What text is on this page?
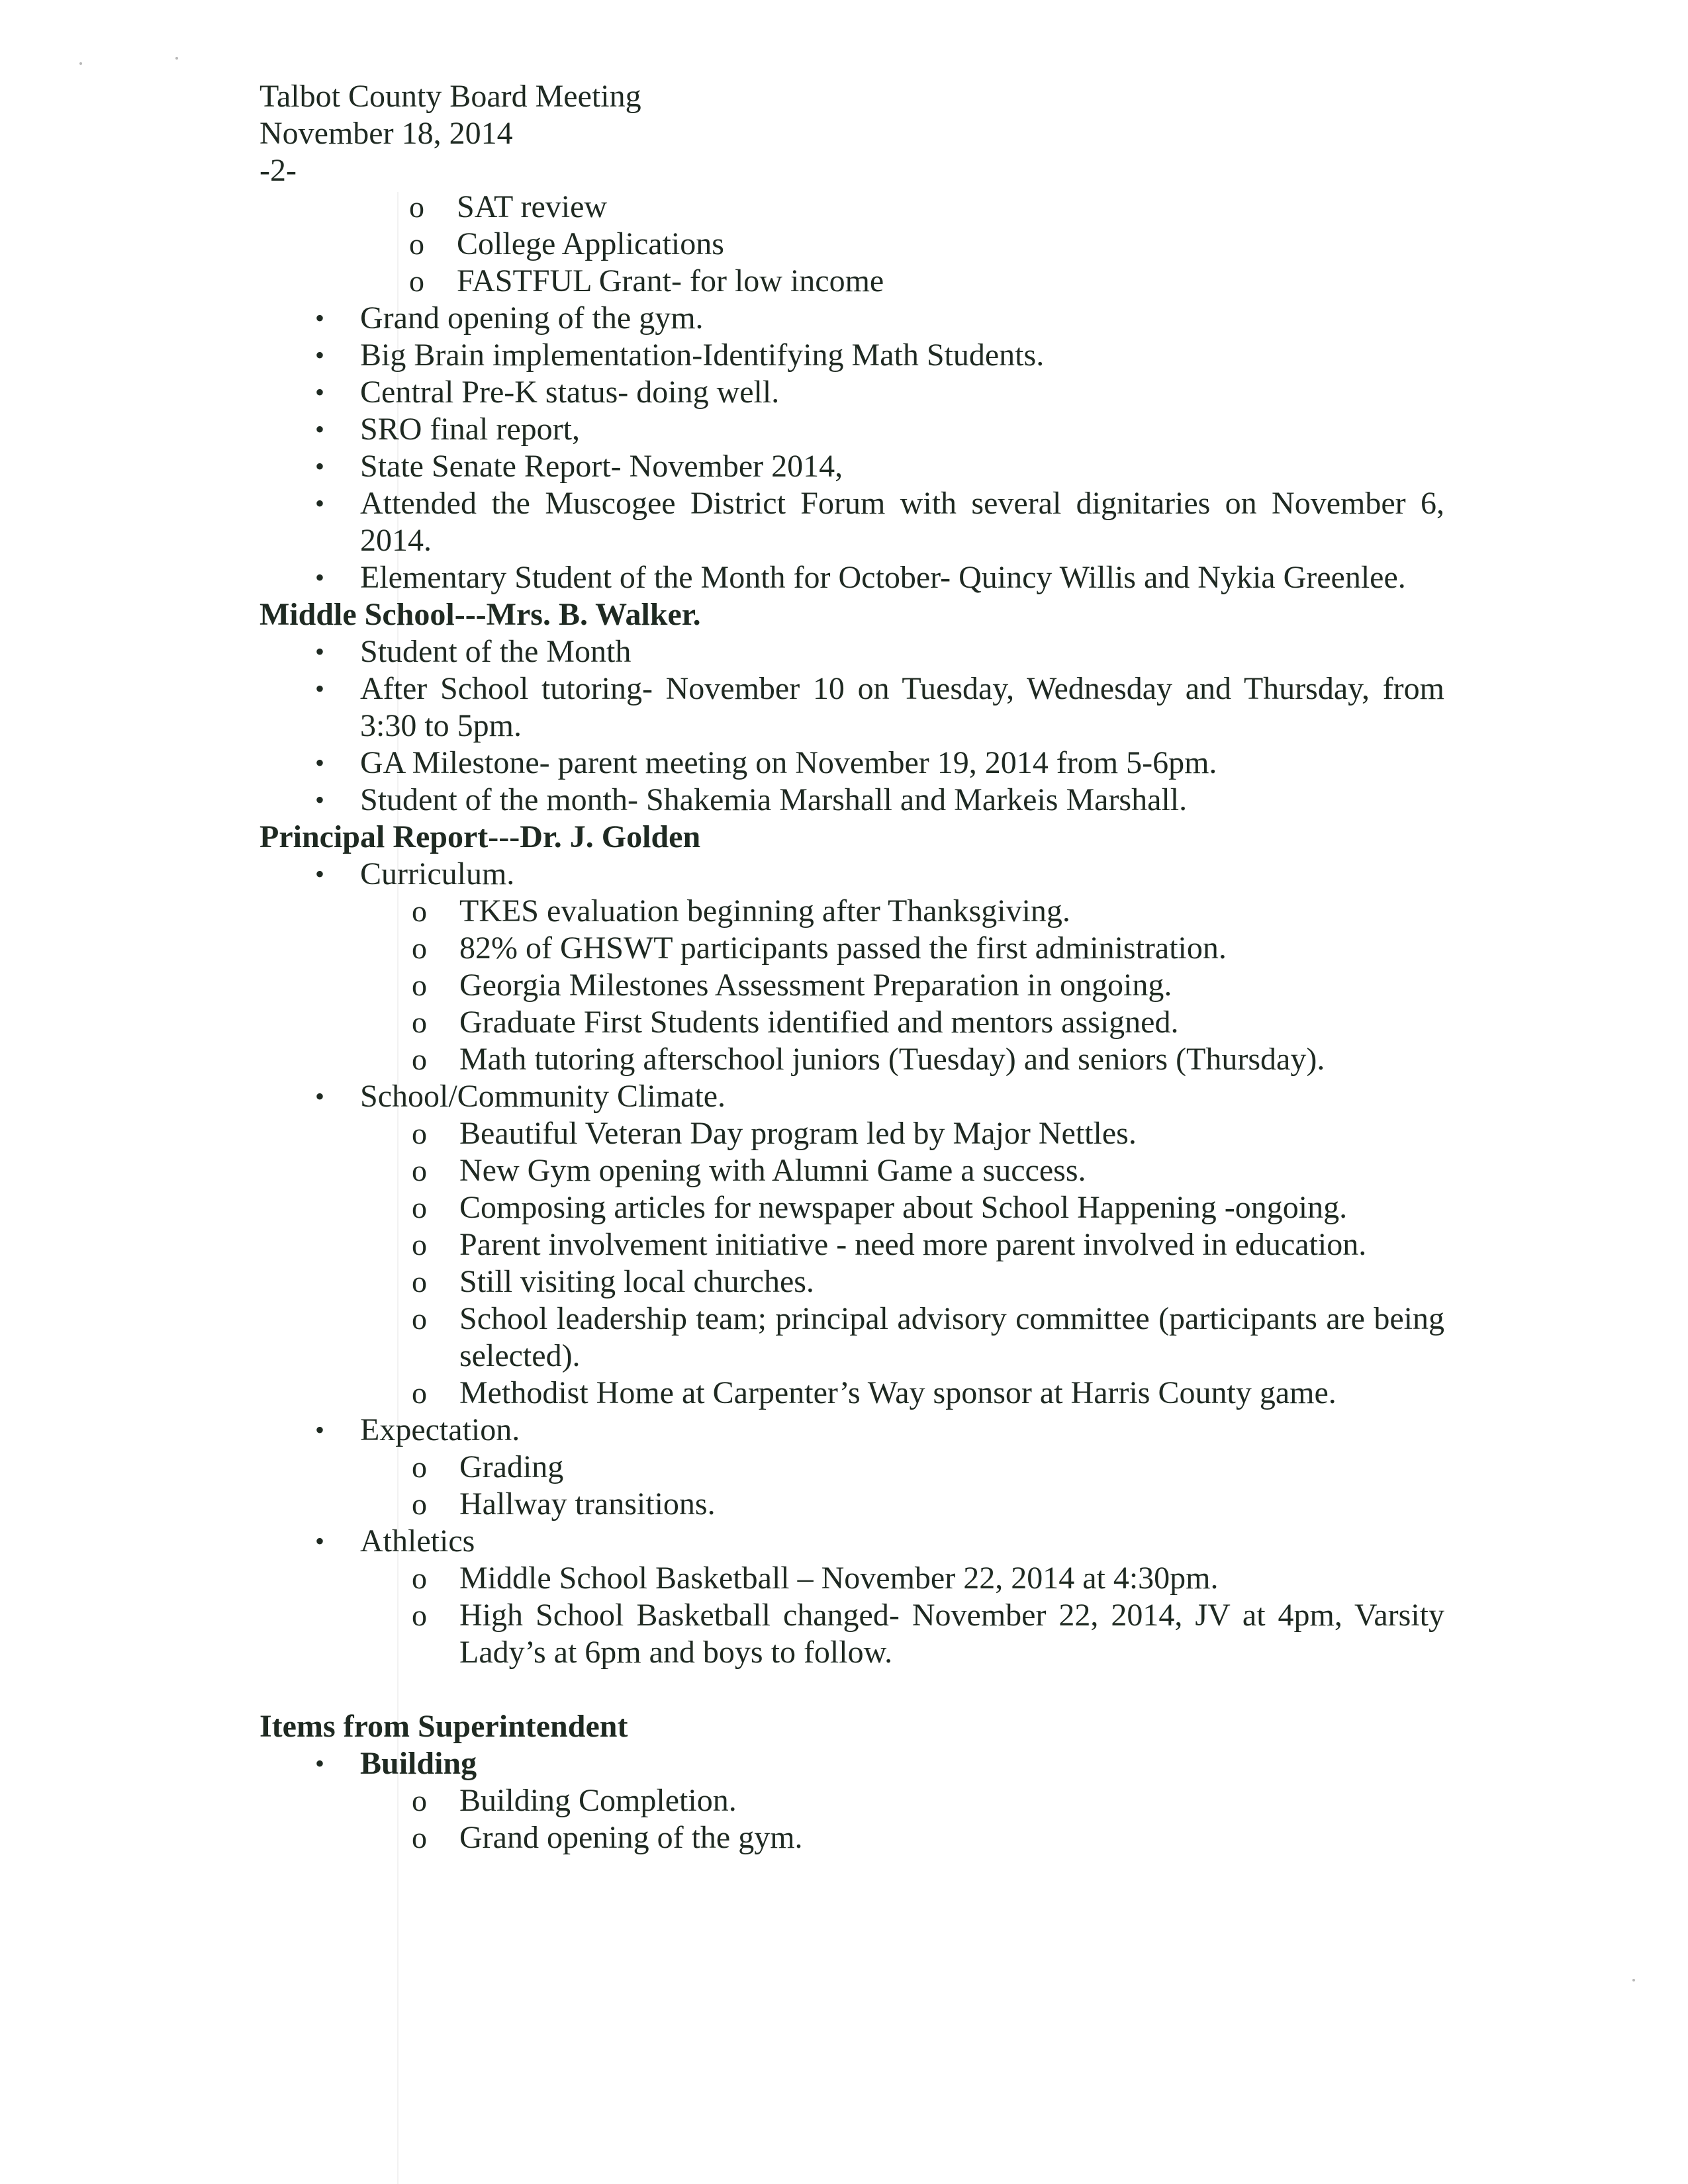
Talbot County Board Meeting
November 18, 2014
-2-
o SAT review
o College Applications
o FASTFUL Grant- for low income
•	Grand opening of the gym.
•	Big Brain implementation-Identifying Math Students.
•	Central Pre-K status- doing well.
•	SRO final report,
•	State Senate Report- November 2014,
•	Attended the Muscogee District Forum with several dignitaries on November 6, 2014.
•	Elementary Student of the Month for October- Quincy Willis and Nykia Greenlee.
Middle School---Mrs. B. Walker.
•	Student of the Month
•	After School tutoring- November 10 on Tuesday, Wednesday and Thursday, from 3:30 to 5pm.
•	GA Milestone- parent meeting on November 19, 2014 from 5-6pm.
•	Student of the month- Shakemia Marshall and Markeis Marshall.
Principal Report---Dr. J. Golden
•	Curriculum.
o TKES evaluation beginning after Thanksgiving.
o 82% of GHSWT participants passed the first administration.
o Georgia Milestones Assessment Preparation in ongoing.
o Graduate First Students identified and mentors assigned.
o Math tutoring afterschool juniors (Tuesday) and seniors (Thursday).
•	School/Community Climate.
o Beautiful Veteran Day program led by Major Nettles.
o New Gym opening with Alumni Game a success.
o Composing articles for newspaper about School Happening -ongoing.
o Parent involvement initiative - need more parent involved in education.
o Still visiting local churches.
o School leadership team; principal advisory committee (participants are being selected).
o Methodist Home at Carpenter’s Way sponsor at Harris County game.
•	Expectation.
o Grading
o Hallway transitions.
•	Athletics
o Middle School Basketball – November 22, 2014 at 4:30pm.
o High School Basketball changed- November 22, 2014, JV at 4pm, Varsity Lady’s at 6pm and boys to follow.
Items from Superintendent
•	Building
o Building Completion.
o Grand opening of the gym.
